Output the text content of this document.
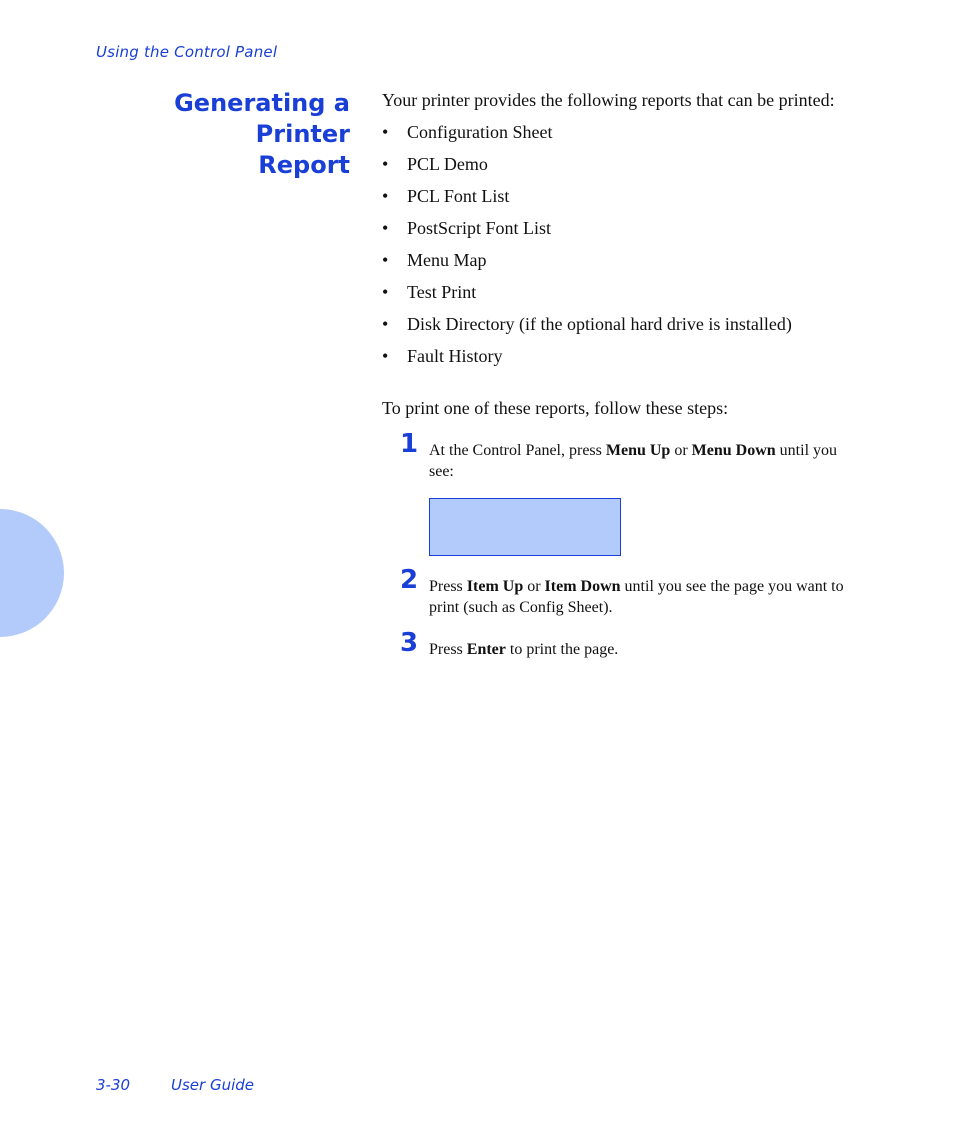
Using the Control Panel
Generating a Printer
Report

Your printer provides the following reports that can be printed:

• Configuration Sheet
• PCL Demo
• PCL Font List
• PostScript Font List
• Menu Map
• Test Print
• Disk Directory (if the optional hard drive is installed)
• Fault History

To print one of these reports, follow these steps:

1 At the Control Panel, press Menu Up or Menu Down until you see:
2 Press Item Up or Item Down until you see the page you want to print (such as Config Sheet).
3 Press Enter to print the page.
3-30	User Guide
